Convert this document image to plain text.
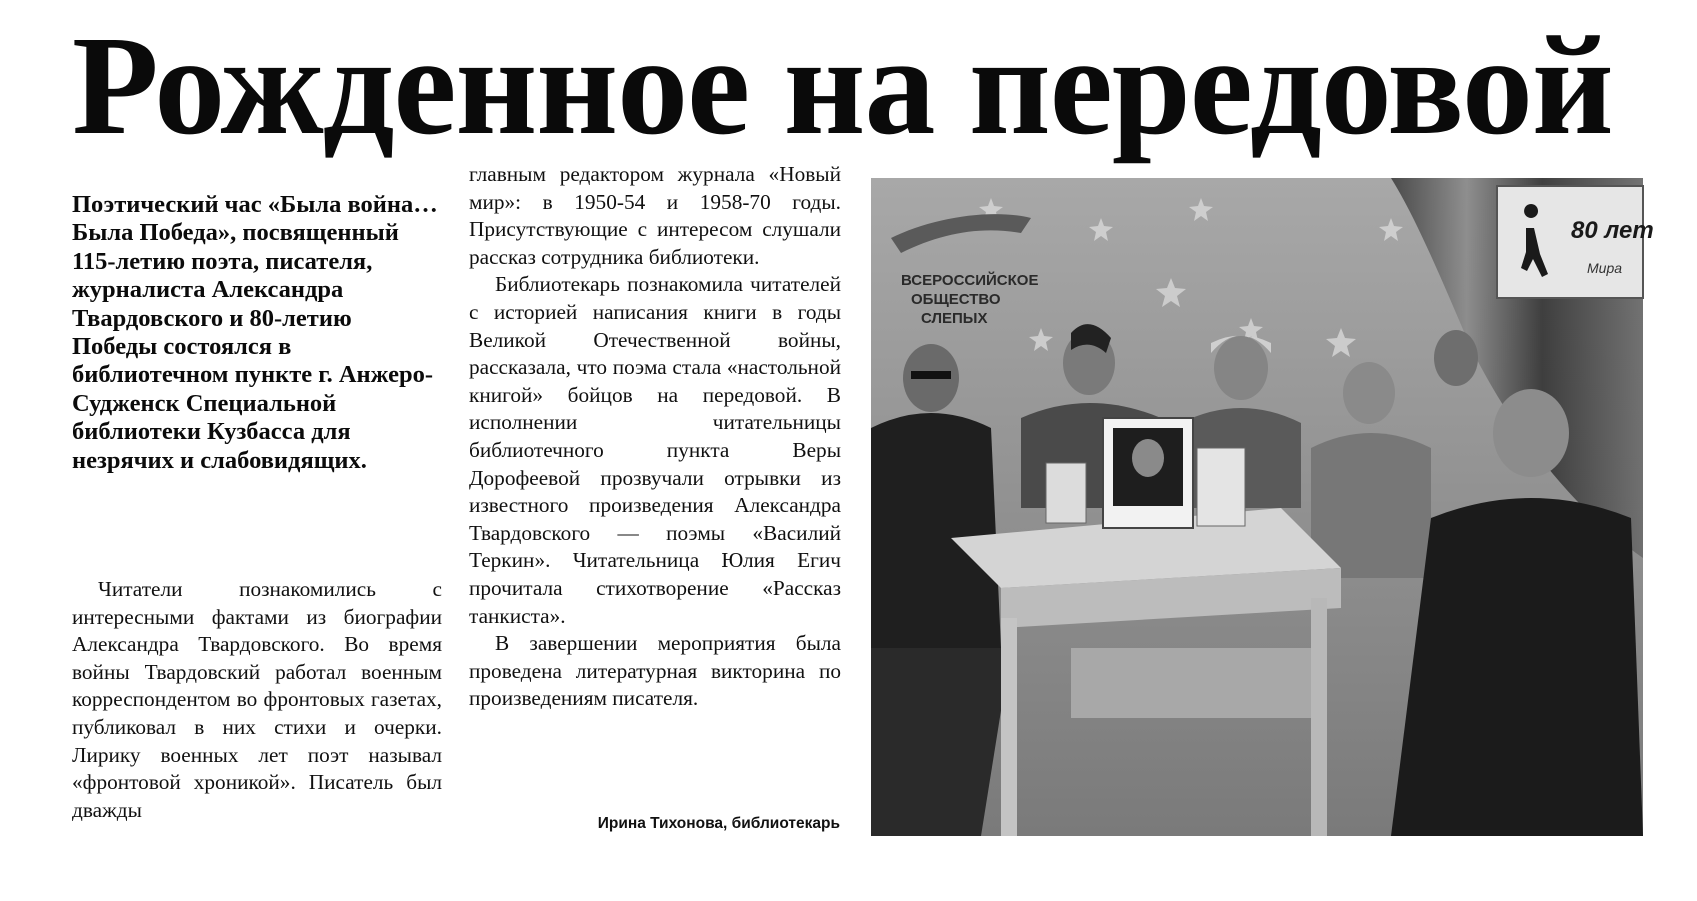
Рожденное на передовой

Поэтический час «Была война…Была Победа», посвященный 115-летию поэта, писателя, журналиста Александра Твардовского и 80-летию Победы состоялся в библиотечном пункте г. Анжеро-Судженск Специальной библиотеки Кузбасса для незрячих и слабовидящих.

Читатели познакомились с интересными фактами из биографии Александра Твардовского. Во время войны Твардовский работал военным корреспондентом во фронтовых газетах, публиковал в них стихи и очерки. Лирику военных лет поэт называл «фронтовой хроникой». Писатель был дважды

главным редактором журнала «Новый мир»: в 1950-54 и 1958-70 годы. Присутствующие с интересом слушали рассказ сотрудника библиотеки.

Библиотекарь познакомила читателей с историей написания книги в годы Великой Отечественной войны, рассказала, что поэма стала «настольной книгой» бойцов на передовой. В исполнении читательницы библиотечного пункта Веры Дорофеевой прозвучали отрывки из известного произведения Александра Твардовского — поэмы «Василий Теркин». Читательница Юлия Егич прочитала стихотворение «Рассказ танкиста».

В завершении мероприятия была проведена литературная викторина по произведениям писателя.

Ирина Тихонова, библиотекарь
ВСЕРОССИЙСКОЕ
ОБЩЕСТВО
СЛЕПЫХ
80 лет
Мира
